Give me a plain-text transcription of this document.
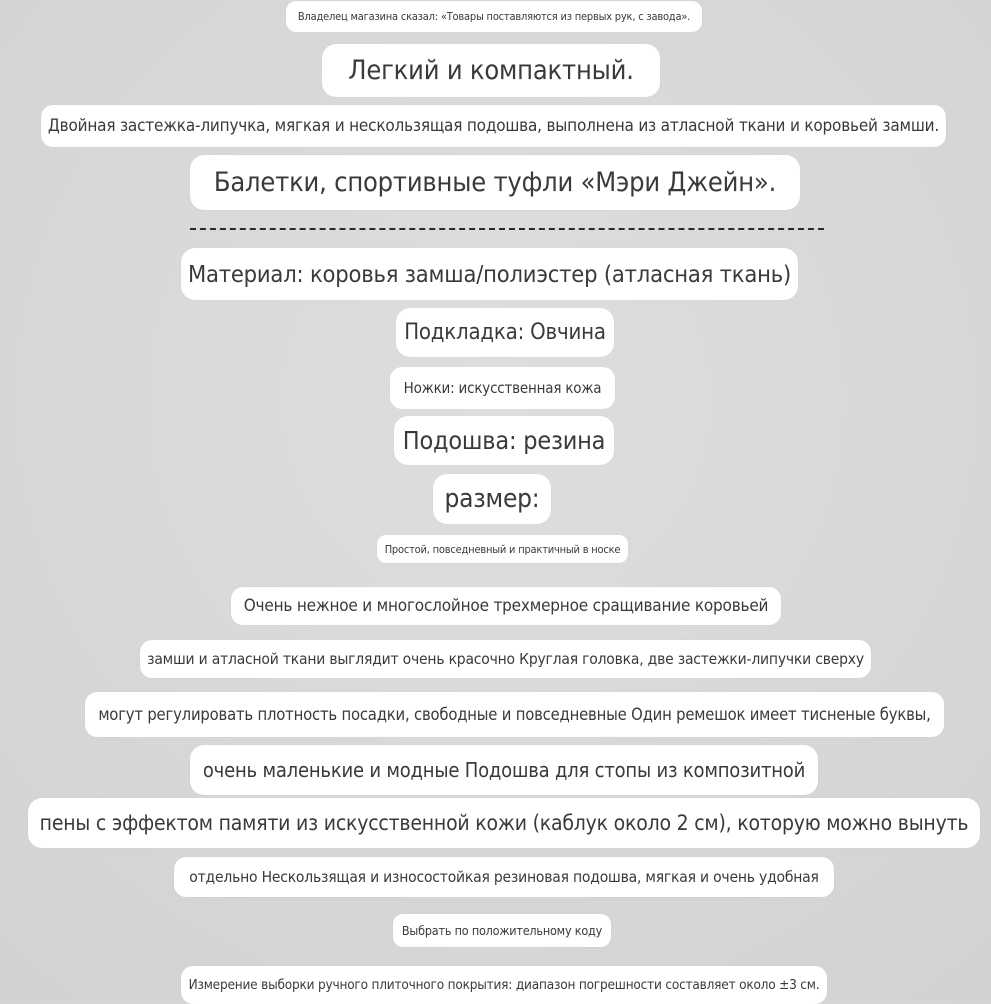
Владелец магазина сказал: «Товары поставляются из первых рук, с завода».
Легкий и компактный.
Двойная застежка-липучка, мягкая и нескользящая подошва, выполнена из атласной ткани и коровьей замши.
Балетки, спортивные туфли «Мэри Джейн».
Материал: коровья замша/полиэстер (атласная ткань)
Подкладка: Овчина
Ножки: искусственная кожа
Подошва: резина
размер:
Простой, повседневный и практичный в носке
Очень нежное и многослойное трехмерное сращивание коровьей
замши и атласной ткани выглядит очень красочно Круглая головка, две застежки-липучки сверху
могут регулировать плотность посадки, свободные и повседневные Один ремешок имеет тисненые буквы,
очень маленькие и модные Подошва для стопы из композитной
пены с эффектом памяти из искусственной кожи (каблук около 2 см), которую можно вынуть
отдельно Нескользящая и износостойкая резиновая подошва, мягкая и очень удобная
Выбрать по положительному коду
Измерение выборки ручного плиточного покрытия: диапазон погрешности составляет около ±3 см.
